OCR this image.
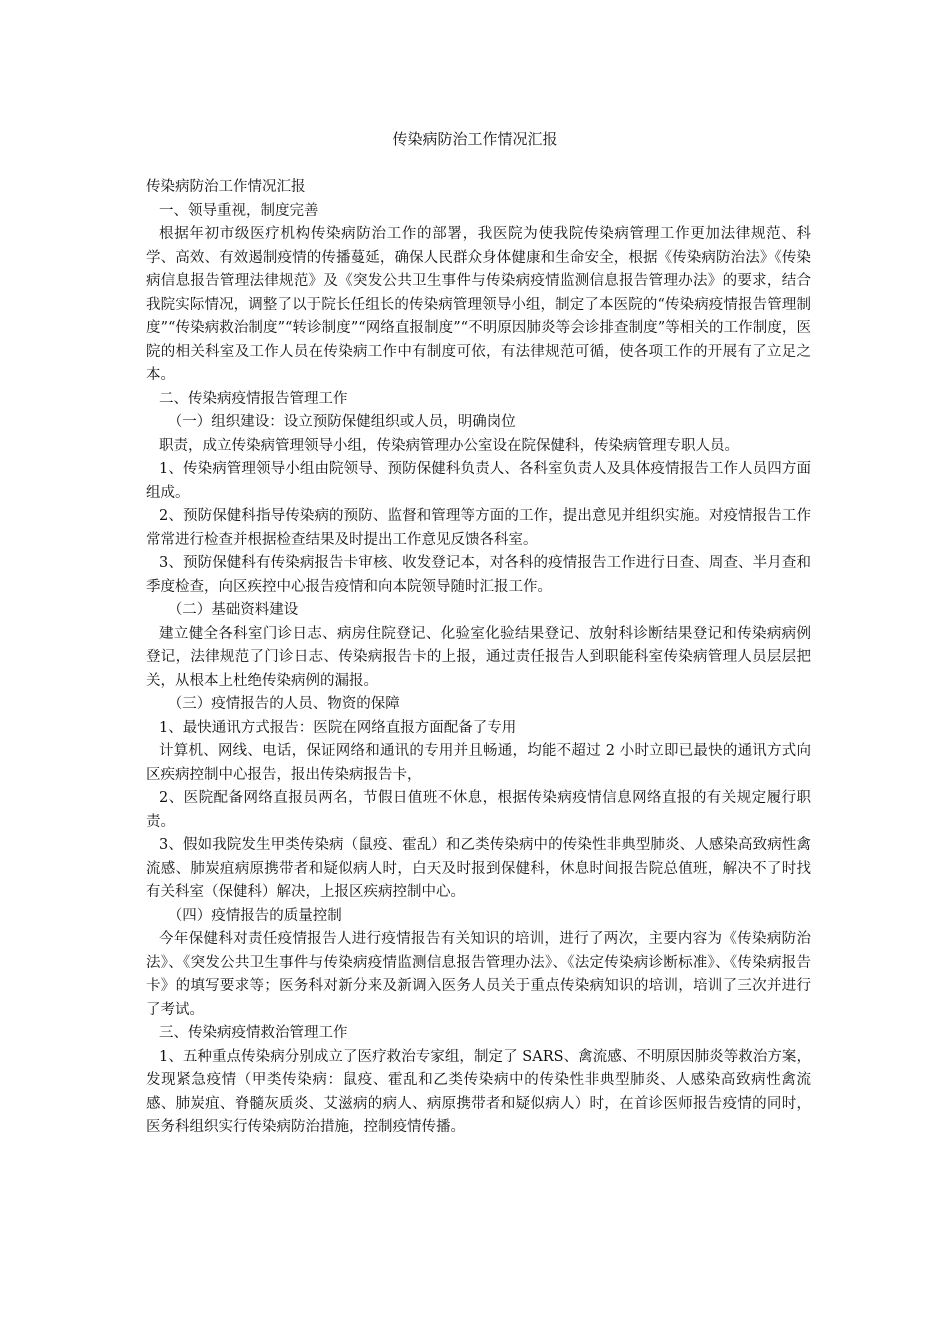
传染病防治工作情况汇报

传染病防治工作情况汇报

一、领导重视，制度完善

根据年初市级医疗机构传染病防治工作的部署，我医院为使我院传染病管理工作更加法律规范、科学、高效、有效遏制疫情的传播蔓延，确保人民群众身体健康和生命安全，根据《传染病防治法》《传染病信息报告管理法律规范》及《突发公共卫生事件与传染病疫情监测信息报告管理办法》的要求，结合我院实际情况，调整了以于院长任组长的传染病管理领导小组，制定了本医院的“传染病疫情报告管理制度”“传染病救治制度”“转诊制度”“网络直报制度”“不明原因肺炎等会诊排查制度”等相关的工作制度，医院的相关科室及工作人员在传染病工作中有制度可依，有法律规范可循，使各项工作的开展有了立足之本。

二、传染病疫情报告管理工作

（一）组织建设：设立预防保健组织或人员，明确岗位

职责，成立传染病管理领导小组，传染病管理办公室设在院保健科，传染病管理专职人员。

1、传染病管理领导小组由院领导、预防保健科负责人、各科室负责人及具体疫情报告工作人员四方面组成。

2、预防保健科指导传染病的预防、监督和管理等方面的工作，提出意见并组织实施。对疫情报告工作常常进行检查并根据检查结果及时提出工作意见反馈各科室。

3、预防保健科有传染病报告卡审核、收发登记本，对各科的疫情报告工作进行日查、周查、半月查和季度检查，向区疾控中心报告疫情和向本院领导随时汇报工作。

（二）基础资料建设

建立健全各科室门诊日志、病房住院登记、化验室化验结果登记、放射科诊断结果登记和传染病病例登记，法律规范了门诊日志、传染病报告卡的上报，通过责任报告人到职能科室传染病管理人员层层把关，从根本上杜绝传染病例的漏报。

（三）疫情报告的人员、物资的保障

1、最快通讯方式报告：医院在网络直报方面配备了专用

计算机、网线、电话，保证网络和通讯的专用并且畅通，均能不超过 2 小时立即已最快的通讯方式向区疾病控制中心报告，报出传染病报告卡，

2、医院配备网络直报员两名，节假日值班不休息，根据传染病疫情信息网络直报的有关规定履行职责。

3、假如我院发生甲类传染病（鼠疫、霍乱）和乙类传染病中的传染性非典型肺炎、人感染高致病性禽流感、肺炭疽病原携带者和疑似病人时，白天及时报到保健科，休息时间报告院总值班，解决不了时找有关科室（保健科）解决，上报区疾病控制中心。

（四）疫情报告的质量控制

今年保健科对责任疫情报告人进行疫情报告有关知识的培训，进行了两次，主要内容为《传染病防治法》、《突发公共卫生事件与传染病疫情监测信息报告管理办法》、《法定传染病诊断标准》、《传染病报告卡》的填写要求等；医务科对新分来及新调入医务人员关于重点传染病知识的培训，培训了三次并进行了考试。

三、传染病疫情救治管理工作

1、五种重点传染病分别成立了医疗救治专家组，制定了 SARS、禽流感、不明原因肺炎等救治方案，发现紧急疫情（甲类传染病：鼠疫、霍乱和乙类传染病中的传染性非典型肺炎、人感染高致病性禽流感、肺炭疽、脊髓灰质炎、艾滋病的病人、病原携带者和疑似病人）时，在首诊医师报告疫情的同时，医务科组织实行传染病防治措施，控制疫情传播。
